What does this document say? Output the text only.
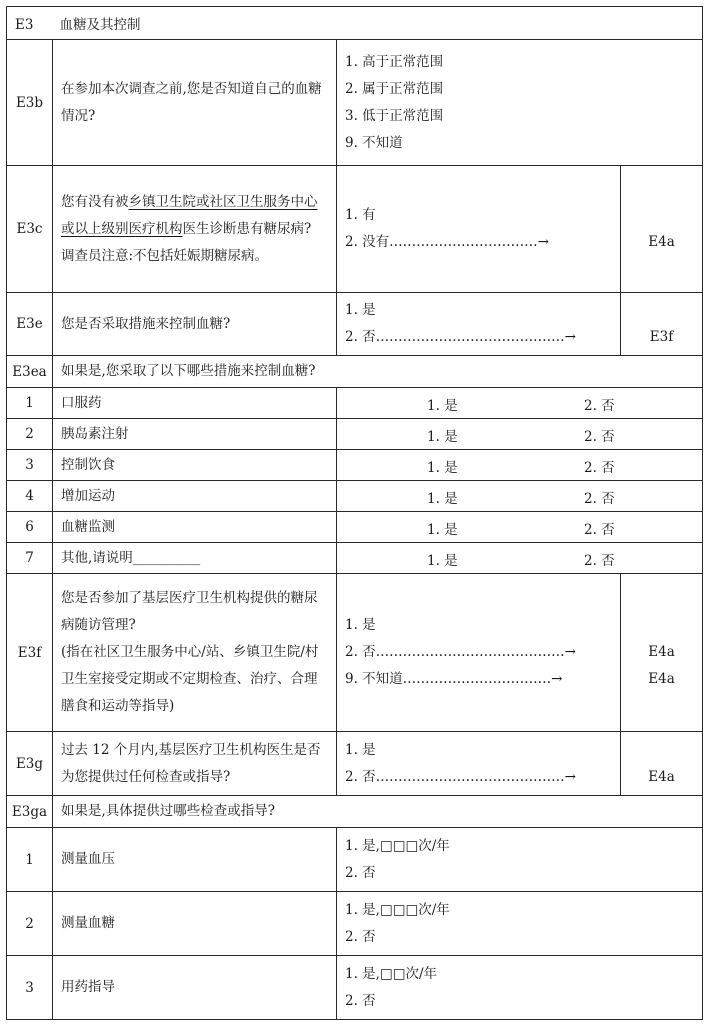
E3 血糖及其控制			
E3b	在参加本次调查之前,您是否知道自己的血糖情况?	1. 高于正常范围
2. 属于正常范围
3. 低于正常范围
9. 不知道	

E3c	您有没有被乡镇卫生院或社区卫生服务中心或以上级别医疗机构医生诊断患有糖尿病?
调查员注意:不包括妊娠期糖尿病。	1. 有
2. 没有……………………………→	E4a

E3e	您是否采取措施来控制血糖?	1. 是
2. 否……………………………………→	E3f

E3ea	如果是,您采取了以下哪些措施来控制血糖?		
1	口服药	1. 是 2. 否	

2	胰岛素注射	1. 是 2. 否	

3	控制饮食	1. 是 2. 否	

4	增加运动	1. 是 2. 否	

6	血糖监测	1. 是 2. 否	

7	其他,请说明__________	1. 是 2. 否	

E3f	您是否参加了基层医疗卫生机构提供的糖尿病随访管理?
(指在社区卫生服务中心/站、乡镇卫生院/村卫生室接受定期或不定期检查、治疗、合理膳食和运动等指导)	1. 是
2. 否……………………………………→
9. 不知道……………………………→	E4a
E4a

E3g	过去 12 个月内,基层医疗卫生机构医生是否为您提供过任何检查或指导?	1. 是
2. 否……………………………………→	E4a

E3ga	如果是,具体提供过哪些检查或指导?		
1	测量血压	1. 是,□□□次/年
2. 否	

2	测量血糖	1. 是,□□□次/年
2. 否	

3	用药指导	1. 是,□□次/年
2. 否	
